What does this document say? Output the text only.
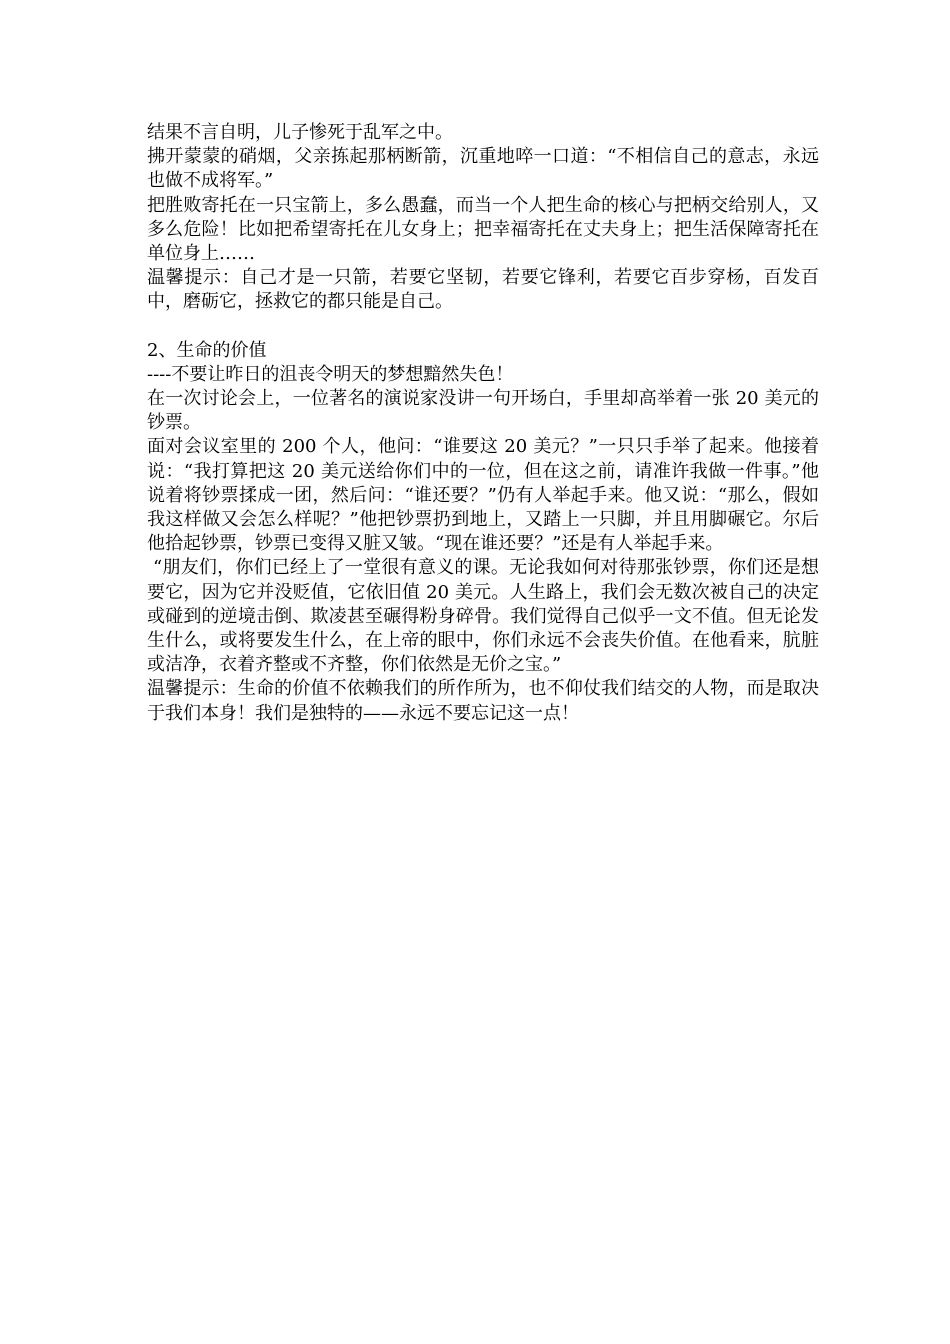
结果不言自明，儿子惨死于乱军之中。

拂开蒙蒙的硝烟，父亲拣起那柄断箭，沉重地啐一口道：“不相信自己的意志，永远也做不成将军。”

把胜败寄托在一只宝箭上，多么愚蠢，而当一个人把生命的核心与把柄交给别人，又多么危险！比如把希望寄托在儿女身上；把幸福寄托在丈夫身上；把生活保障寄托在单位身上……

温馨提示：自己才是一只箭，若要它坚韧，若要它锋利，若要它百步穿杨，百发百中，磨砺它，拯救它的都只能是自己。

2、生命的价值

----不要让昨日的沮丧令明天的梦想黯然失色！

在一次讨论会上，一位著名的演说家没讲一句开场白，手里却高举着一张 20 美元的钞票。

面对会议室里的 200 个人，他问：“谁要这 20 美元？”一只只手举了起来。他接着说：“我打算把这 20 美元送给你们中的一位，但在这之前，请准许我做一件事。”他说着将钞票揉成一团，然后问：“谁还要？”仍有人举起手来。他又说：“那么，假如我这样做又会怎么样呢？”他把钞票扔到地上，又踏上一只脚，并且用脚碾它。尔后他拾起钞票，钞票已变得又脏又皱。“现在谁还要？”还是有人举起手来。

“朋友们，你们已经上了一堂很有意义的课。无论我如何对待那张钞票，你们还是想要它，因为它并没贬值，它依旧值 20 美元。人生路上，我们会无数次被自己的决定或碰到的逆境击倒、欺凌甚至碾得粉身碎骨。我们觉得自己似乎一文不值。但无论发生什么，或将要发生什么，在上帝的眼中，你们永远不会丧失价值。在他看来，肮脏或洁净，衣着齐整或不齐整，你们依然是无价之宝。”

温馨提示：生命的价值不依赖我们的所作所为，也不仰仗我们结交的人物，而是取决于我们本身！我们是独特的——永远不要忘记这一点！
